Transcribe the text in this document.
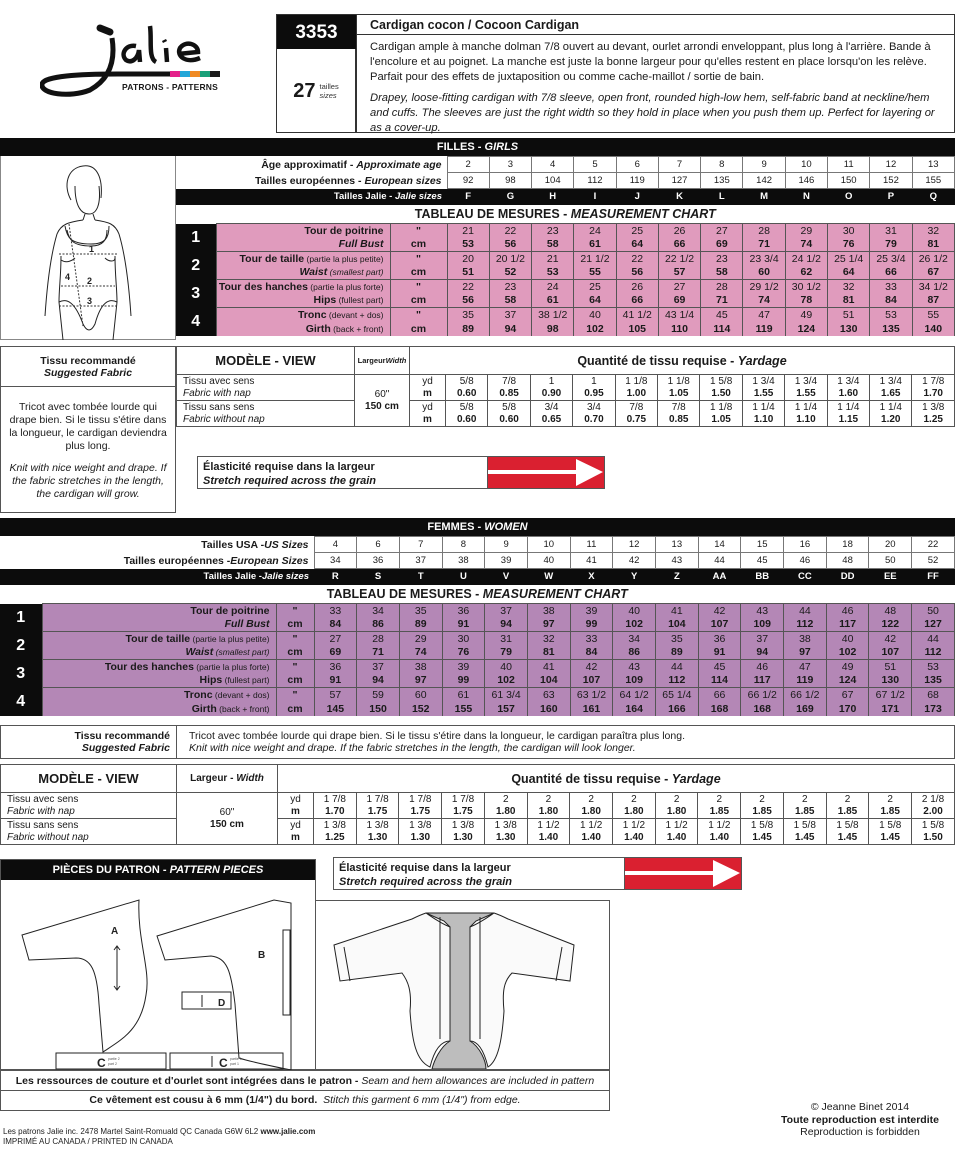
PATRONS - PATTERNS
3353
27 tailles
sizes
Cardigan cocon / Cocoon Cardigan

Cardigan ample à manche dolman 7/8 ouvert au devant, ourlet arrondi enveloppant, plus long à l'arrière. Bande à l'encolure et au poignet. La manche est juste la bonne largeur pour qu'elles restent en place lorsqu'on les relève. Parfait pour des effets de juxtaposition ou comme cache-maillot / sortie de bain.

Drapey, loose-fitting cardigan with 7/8 sleeve, open front, rounded high-low hem, self-fabric band at neckline/hem and cuffs. The sleeves are just the right width so they hold in place when you push them up. Perfect for layering or as a cover-up.

FILLES - GIRLS
1
2
3
4
Âge approximatif - Approximate age			2	3	4	5	6	7	8	9	10	11	12	13
Tailles européennes - European sizes			92	98	104	112	119	127	135	142	146	150	152	155
Tailles Jalie - Jalie sizes			F	G	H	I	J	K	L	M	N	O	P	Q
TABLEAU DE MESURES - MEASUREMENT CHART														
1	Tour de poitrine	"	21	22	23	24	25	26	27	28	29	30	31	32
	Full Bust	cm	53	56	58	61	64	66	69	71	74	76	79	81
2	Tour de taille (partie la plus petite)	"	20	20 1/2	21	21 1/2	22	22 1/2	23	23 3/4	24 1/2	25 1/4	25 3/4	26 1/2
	Waist (smallest part)	cm	51	52	53	55	56	57	58	60	62	64	66	67
3	Tour des hanches (partie la plus forte)	"	22	23	24	25	26	27	28	29 1/2	30 1/2	32	33	34 1/2
	Hips (fullest part)	cm	56	58	61	64	66	69	71	74	78	81	84	87
4	Tronc (devant + dos)	"	35	37	38 1/2	40	41 1/2	43 1/4	45	47	49	51	53	55
	Girth (back + front)	cm	89	94	98	102	105	110	114	119	124	130	135	140
Tissu recommandé
Suggested Fabric

Tricot avec tombée lourde qui drape bien. Si le tissu s'étire dans la longueur, le cardigan deviendra plus long.

Knit with nice weight and drape. If the fabric stretches in the length, the cardigan will grow.

MODÈLE - VIEW	LargeurWidth	Quantité de tissu requise - Yardage												
Tissu avec sens	60"
150 cm	yd	5/8	7/8	1	1	1 1/8	1 1/8	1 5/8	1 3/4	1 3/4	1 3/4	1 3/4	1 7/8
Fabric with nap		m	0.60	0.85	0.90	0.95	1.00	1.05	1.50	1.55	1.55	1.60	1.65	1.70
Tissu sans sens		yd	5/8	5/8	3/4	3/4	7/8	7/8	1 1/8	1 1/4	1 1/4	1 1/4	1 1/4	1 3/8
Fabric without nap		m	0.60	0.60	0.65	0.70	0.75	0.85	1.05	1.10	1.10	1.15	1.20	1.25
Élasticité requise dans la largeur
Stretch required across the grain
FEMMES - WOMEN
Tailles USA -US Sizes			4	6	7	8	9	10	11	12	13	14	15	16	18	20	22
Tailles européennes -European Sizes			34	36	37	38	39	40	41	42	43	44	45	46	48	50	52
Tailles Jalie -Jalie sizes			R	S	T	U	V	W	X	Y	Z	AA	BB	CC	DD	EE	FF
TABLEAU DE MESURES - MEASUREMENT CHART																	
1	Tour de poitrine	"	33	34	35	36	37	38	39	40	41	42	43	44	46	48	50
	Full Bust	cm	84	86	89	91	94	97	99	102	104	107	109	112	117	122	127
2	Tour de taille (partie la plus petite)	"	27	28	29	30	31	32	33	34	35	36	37	38	40	42	44
	Waist (smallest part)	cm	69	71	74	76	79	81	84	86	89	91	94	97	102	107	112
3	Tour des hanches (partie la plus forte)	"	36	37	38	39	40	41	42	43	44	45	46	47	49	51	53
	Hips (fullest part)	cm	91	94	97	99	102	104	107	109	112	114	117	119	124	130	135
4	Tronc (devant + dos)	"	57	59	60	61	61 3/4	63	63 1/2	64 1/2	65 1/4	66	66 1/2	66 1/2	67	67 1/2	68
	Girth (back + front)	cm	145	150	152	155	157	160	161	164	166	168	168	169	170	171	173
Tissu recommandé
Suggested Fabric
Tricot avec tombée lourde qui drape bien. Si le tissu s'étire dans la longueur, le cardigan paraîtra plus long.
Knit with nice weight and drape. If the fabric stretches in the length, the cardigan will look longer.
MODÈLE - VIEW	Largeur - Width	Quantité de tissu requise - Yardage															
Tissu avec sens	60"
150 cm	yd	1 7/8	1 7/8	1 7/8	1 7/8	2	2	2	2	2	2	2	2	2	2	2 1/8
Fabric with nap		m	1.70	1.75	1.75	1.75	1.80	1.80	1.80	1.80	1.80	1.85	1.85	1.85	1.85	1.85	2.00
Tissu sans sens		yd	1 3/8	1 3/8	1 3/8	1 3/8	1 3/8	1 1/2	1 1/2	1 1/2	1 1/2	1 1/2	1 5/8	1 5/8	1 5/8	1 5/8	1 5/8
Fabric without nap		m	1.25	1.30	1.30	1.30	1.30	1.40	1.40	1.40	1.40	1.40	1.45	1.45	1.45	1.45	1.50
PIÈCES DU PATRON - PATTERN PIECES
A
B
C	C
D
partie 2
part 2
partie 1
part 1
Élasticité requise dans la largeur
Stretch required across the grain
Les ressources de couture et d'ourlet sont intégrées dans le patron - Seam and hem allowances are included in pattern
Ce vêtement est cousu à 6 mm (1/4") du bord. Stitch this garment 6 mm (1/4") from edge.
Les patrons Jalie inc. 2478 Martel Saint-Romuald QC Canada G6W 6L2 www.jalie.com
IMPRIMÉ AU CANADA / PRINTED IN CANADA
© Jeanne Binet 2014
Toute reproduction est interdite
Reproduction is forbidden
